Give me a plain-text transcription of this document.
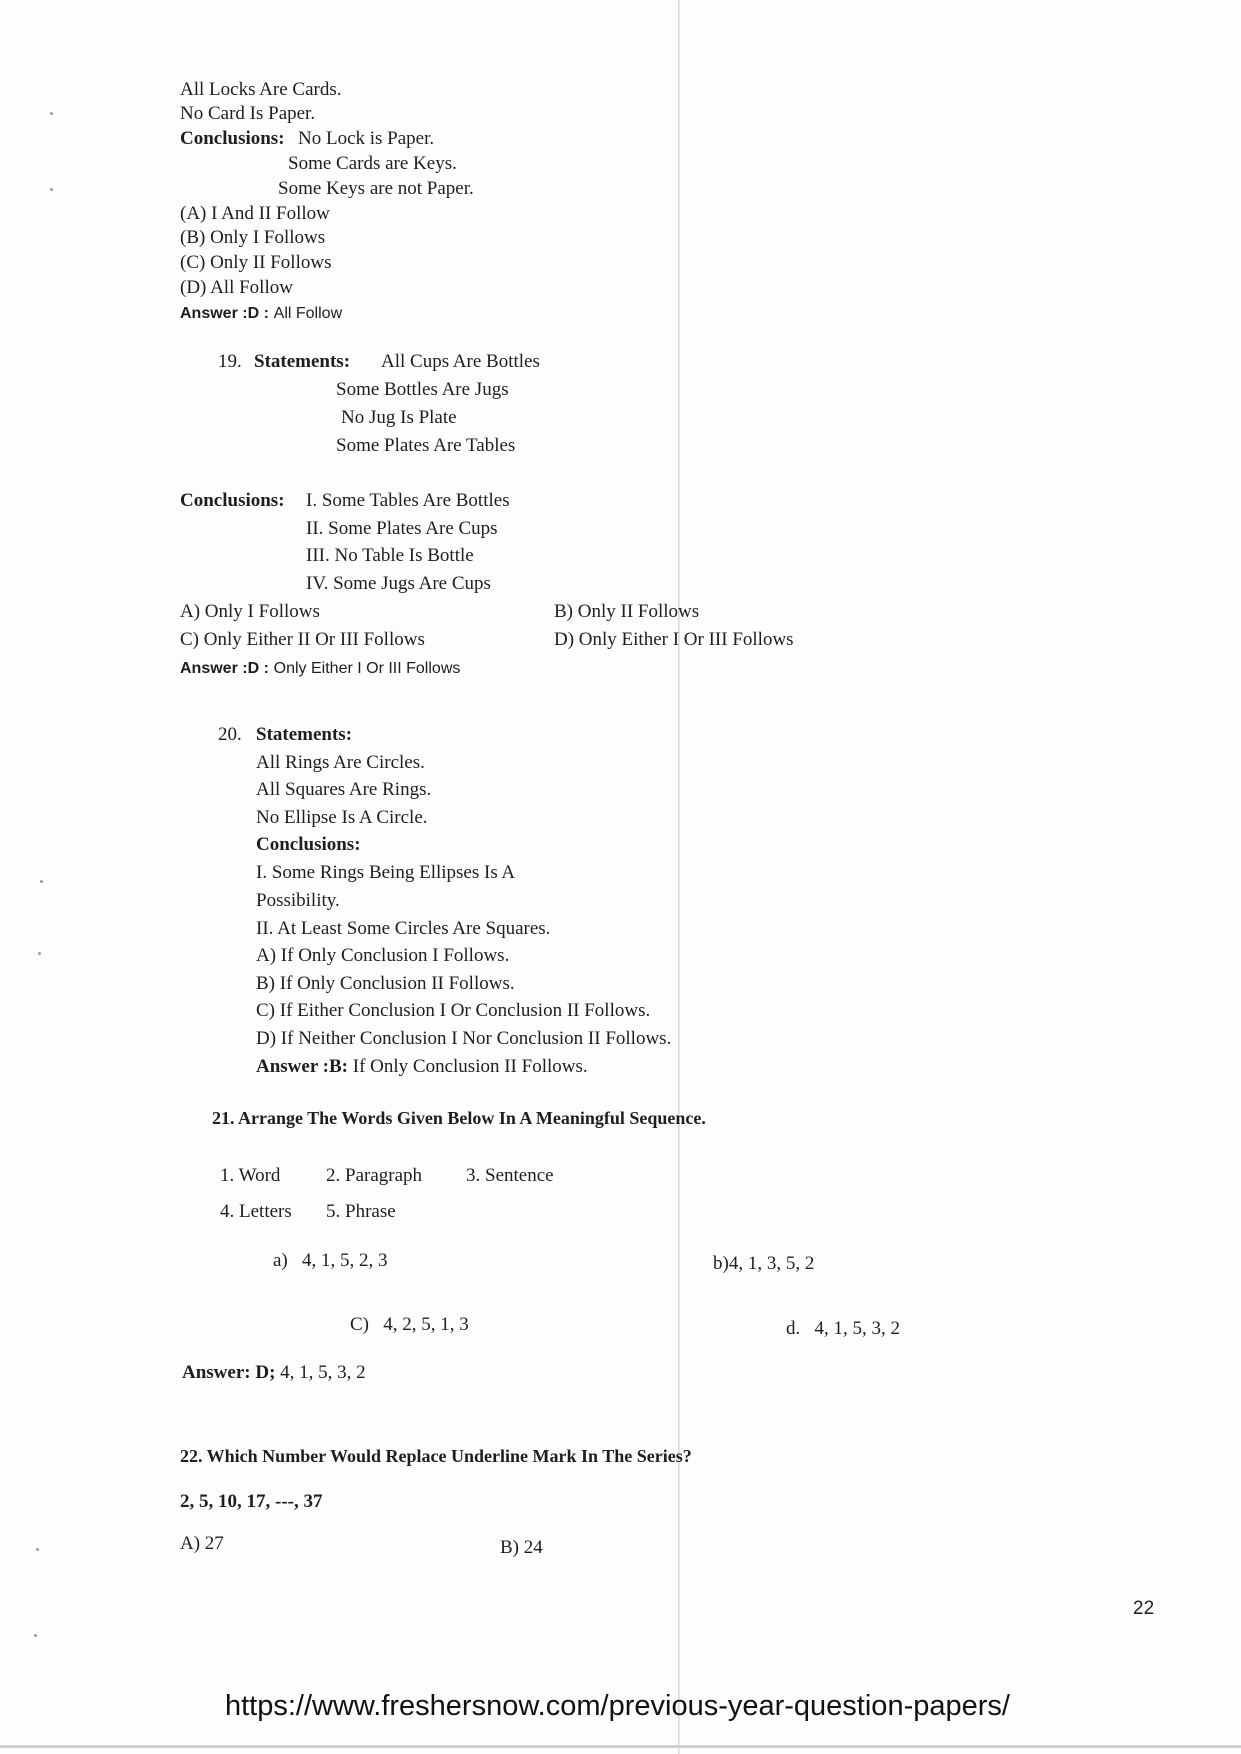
All Locks Are Cards.
No Card Is Paper.
Conclusions: No Lock is Paper.
Some Cards are Keys.
Some Keys are not Paper.
(A) I And II Follow
(B) Only I Follows
(C) Only II Follows
(D) All Follow
Answer :D : All Follow
19. Statements: All Cups Are Bottles
Some Bottles Are Jugs
No Jug Is Plate
Some Plates Are Tables
Conclusions: I. Some Tables Are Bottles
II. Some Plates Are Cups
III. No Table Is Bottle
IV. Some Jugs Are Cups
A) Only I Follows	B) Only II Follows
C) Only Either II Or III Follows	D) Only Either I Or III Follows
Answer :D : Only Either I Or III Follows
20. Statements:
All Rings Are Circles.
All Squares Are Rings.
No Ellipse Is A Circle.
Conclusions:
I. Some Rings Being Ellipses Is A
Possibility.
II. At Least Some Circles Are Squares.
A) If Only Conclusion I Follows.
B) If Only Conclusion II Follows.
C) If Either Conclusion I Or Conclusion II Follows.
D) If Neither Conclusion I Nor Conclusion II Follows.
Answer :B: If Only Conclusion II Follows.
21. Arrange The Words Given Below In A Meaningful Sequence.
1. Word 2. Paragraph 3. Sentence
4. Letters 5. Phrase
a) 4, 1, 5, 2, 3	b)4, 1, 3, 5, 2
C) 4, 2, 5, 1, 3	d. 4, 1, 5, 3, 2
Answer: D; 4, 1, 5, 3, 2
22. Which Number Would Replace Underline Mark In The Series?
2, 5, 10, 17, ---, 37
A) 27	B) 24
22
https://www.freshersnow.com/previous-year-question-papers/
